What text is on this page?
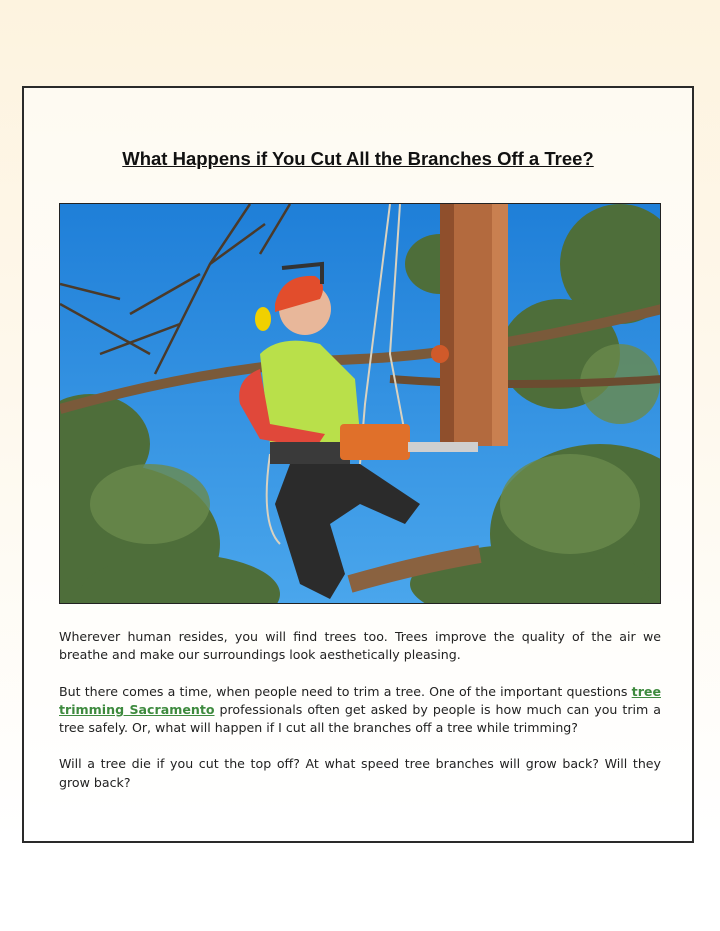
What Happens if You Cut All the Branches Off a Tree?

Wherever human resides, you will find trees too. Trees improve the quality of the air we breathe and make our surroundings look aesthetically pleasing.

But there comes a time, when people need to trim a tree. One of the important questions tree trimming Sacramento professionals often get asked by people is how much can you trim a tree safely. Or, what will happen if I cut all the branches off a tree while trimming?

Will a tree die if you cut the top off? At what speed tree branches will grow back? Will they grow back?
